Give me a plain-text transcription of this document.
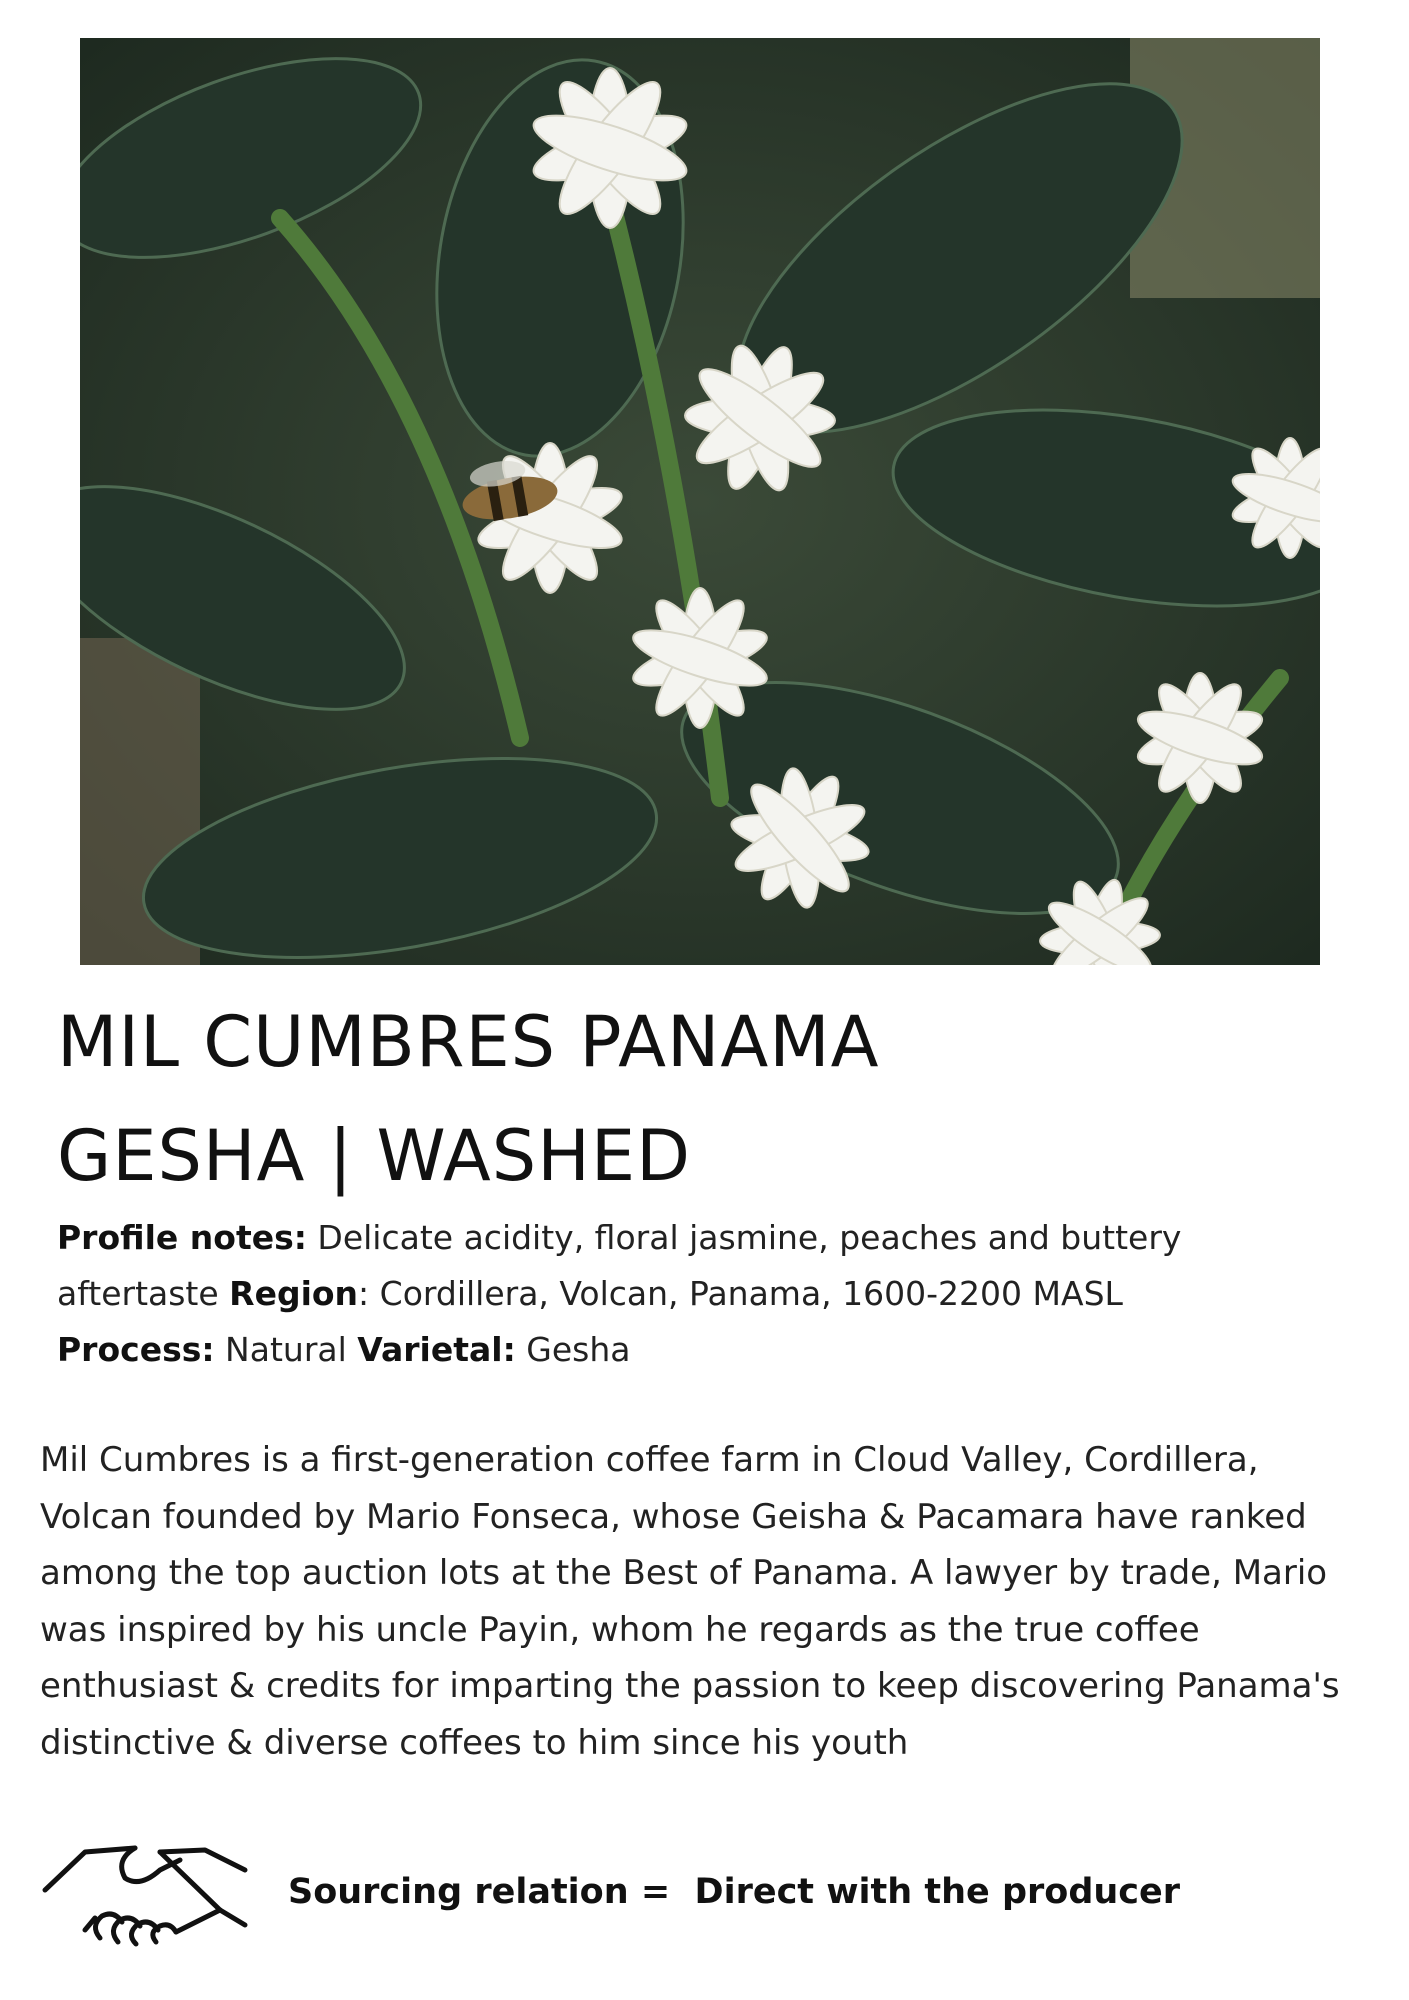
MIL CUMBRES PANAMA
GESHA | WASHED
Profile notes: Delicate acidity, floral jasmine, peaches and buttery aftertaste Region: Cordillera, Volcan, Panama, 1600-2200 MASL
Process: Natural Varietal: Gesha

Mil Cumbres is a first-generation coffee farm in Cloud Valley, Cordillera, Volcan founded by Mario Fonseca, whose Geisha & Pacamara have ranked among the top auction lots at the Best of Panama. A lawyer by trade, Mario was inspired by his uncle Payin, whom he regards as the true coffee enthusiast & credits for imparting the passion to keep discovering Panama's distinctive & diverse coffees to him since his youth

Sourcing relation =  Direct with the producer
